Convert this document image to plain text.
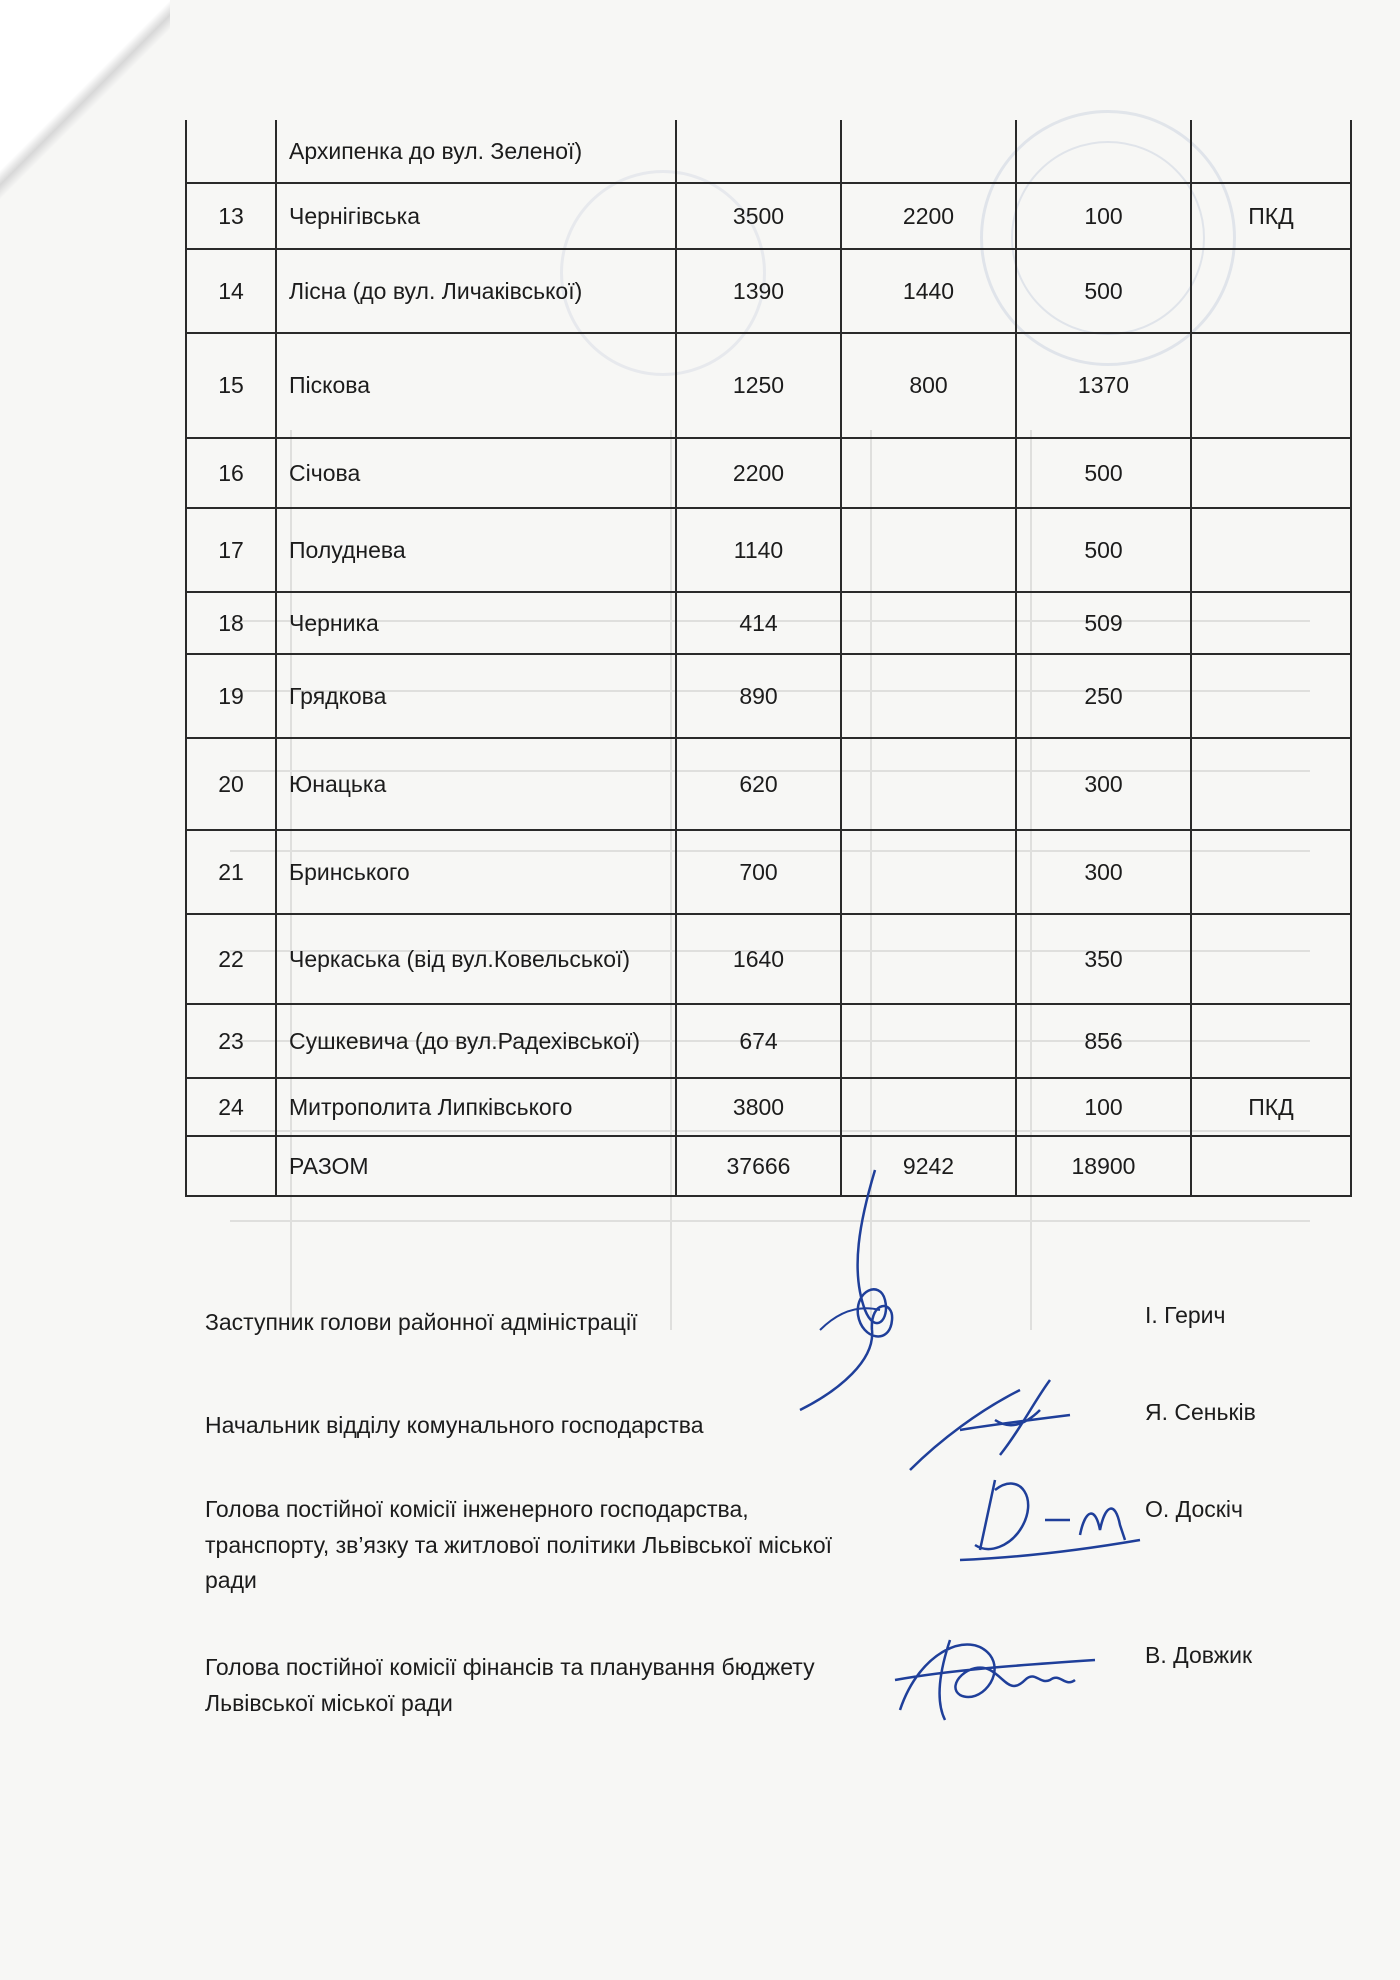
	Архипенка до вул. Зеленої)				
13	Чернігівська	3500	2200	100	ПКД
14	Лісна (до вул. Личаківської)	1390	1440	500	
15	Піскова	1250	800	1370	
16	Січова	2200		500	
17	Полуднева	1140		500	
18	Черника	414		509	
19	Грядкова	890		250	
20	Юнацька	620		300	
21	Бринського	700		300	
22	Черкаська (від вул.Ковельської)	1640		350	
23	Сушкевича (до вул.Радехівської)	674		856	
24	Митрополита Липківського	3800		100	ПКД
	РАЗОМ	37666	9242	18900	
Заступник голови районної адміністрації	І. Герич
Начальник відділу комунального господарства	Я. Сеньків
Голова постійної комісії інженерного господарства, транспорту, зв’язку та житлової політики Львівської міської ради
О. Доскіч
Голова постійної комісії фінансів та планування бюджету Львівської міської ради
В. Довжик
